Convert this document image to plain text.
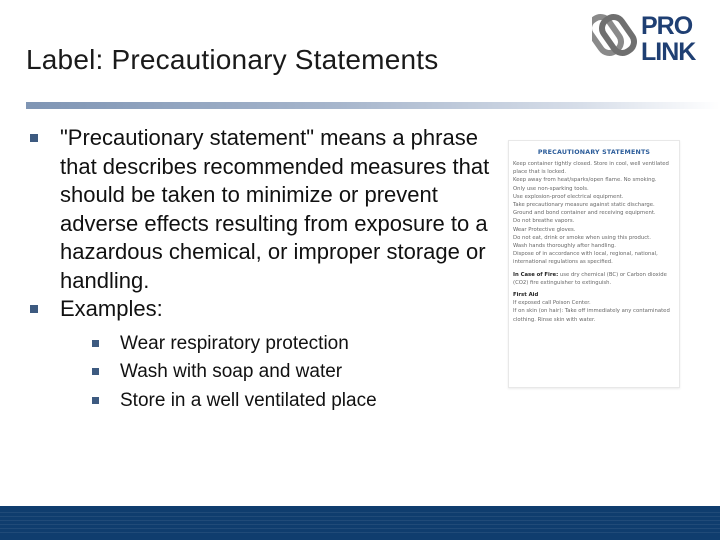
Label: Precautionary Statements
PRO
LINK
"Precautionary statement" means a phrase that describes recommended measures that should be taken to minimize or prevent adverse effects resulting from exposure to a hazardous chemical, or improper storage or handling.
Examples:
Wear respiratory protection
Wash with soap and water
Store in a well ventilated place
PRECAUTIONARY STATEMENTS
Keep container tightly closed. Store in cool, well ventilated place that is locked.
Keep away from heat/sparks/open flame. No smoking.
Only use non-sparking tools.
Use explosion-proof electrical equipment.
Take precautionary measure against static discharge.
Ground and bond container and receiving equipment.
Do not breathe vapors.
Wear Protective gloves.
Do not eat, drink or smoke when using this product.
Wash hands thoroughly after handling.
Dispose of in accordance with local, regional, national, international regulations as specified.
In Case of Fire: use dry chemical (BC) or Carbon dioxide (CO2) fire extinguisher to extinguish.
First Aid
If exposed call Poison Center.
If on skin (on hair): Take off immediately any contaminated clothing. Rinse skin with water.
